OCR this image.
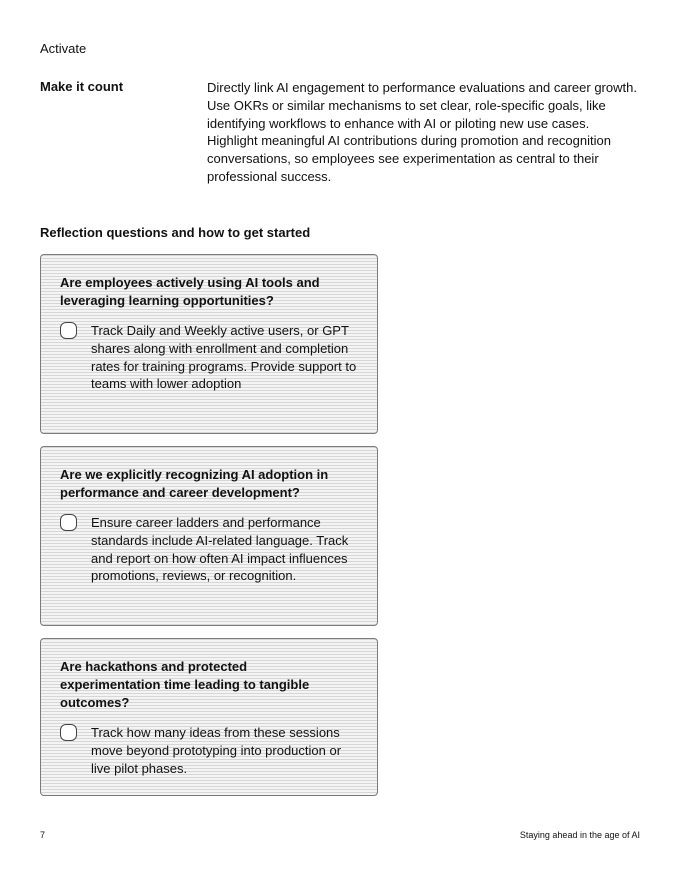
Activate
Make it count	Directly link AI engagement to performance evaluations and career growth. Use OKRs or similar mechanisms to set clear, role-specific goals, like identifying workflows to enhance with AI or piloting new use cases. Highlight meaningful AI contributions during promotion and recognition conversations, so employees see experimentation as central to their professional success.
Reflection questions and how to get started
Are employees actively using AI tools and leveraging learning opportunities?
Track Daily and Weekly active users, or GPT shares along with enrollment and completion rates for training programs. Provide support to teams with lower adoption
Are we explicitly recognizing AI adoption in performance and career development?
Ensure career ladders and performance standards include AI-related language. Track and report on how often AI impact influences promotions, reviews, or recognition.
Are hackathons and protected experimentation time leading to tangible outcomes?
Track how many ideas from these sessions move beyond prototyping into production or live pilot phases.
7	Staying ahead in the age of AI
